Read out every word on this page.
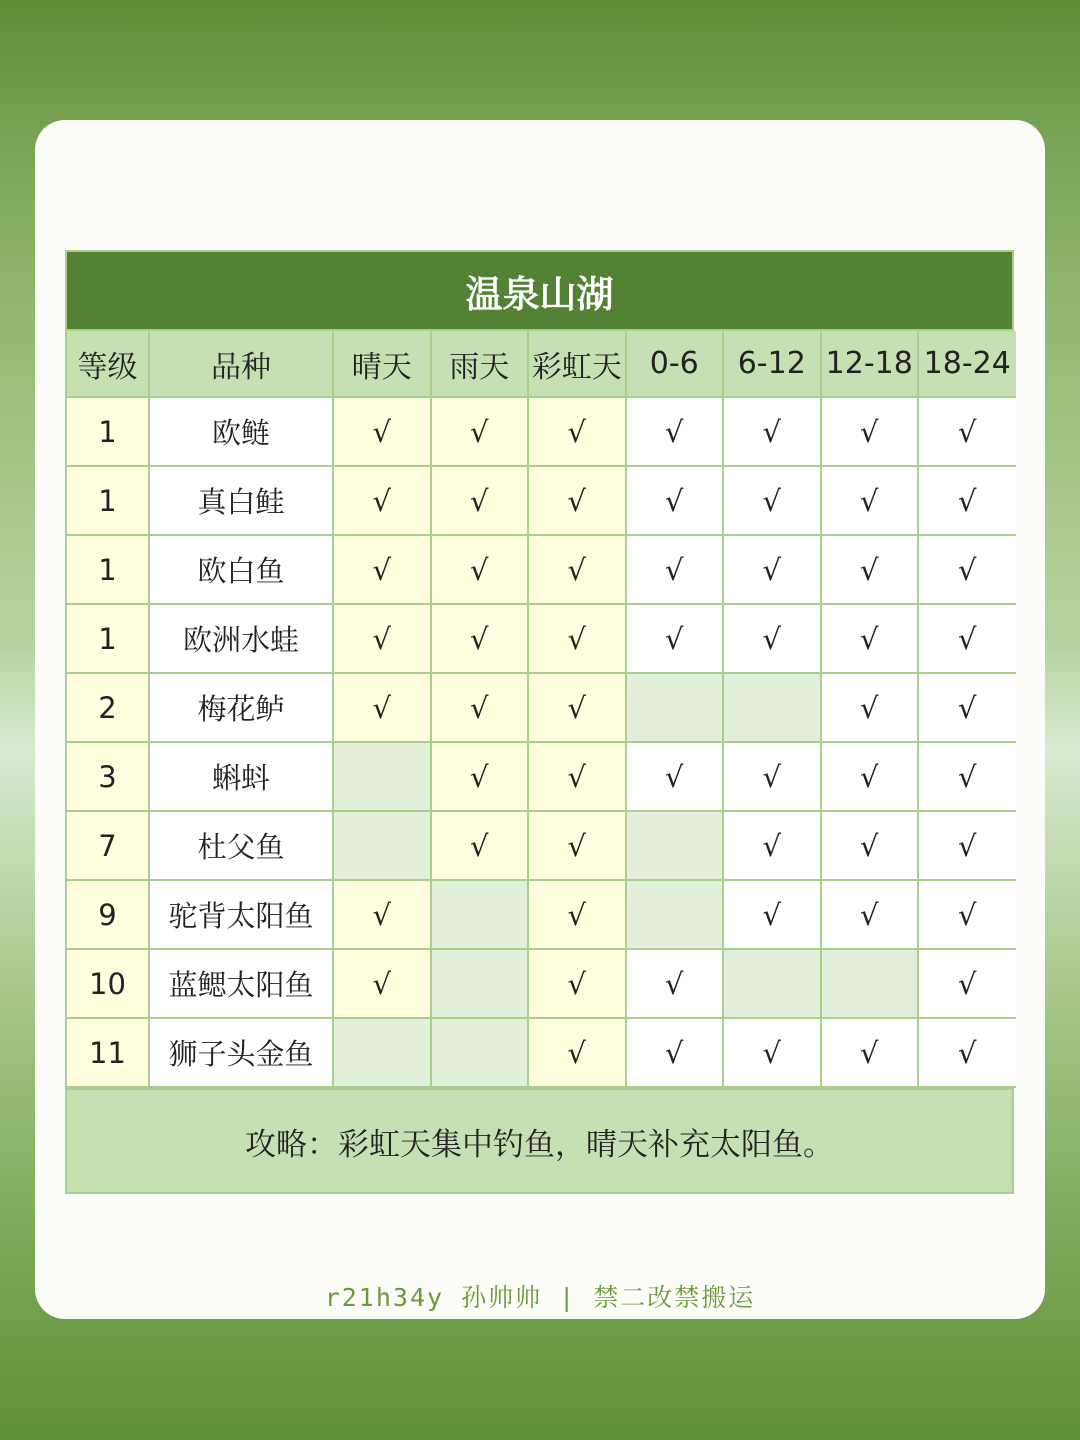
温泉山湖
等级	品种	晴天	雨天	彩虹天	0-6	6-12	12-18	18-24
1	欧鲢	√	√	√	√	√	√	√
1	真白鲑	√	√	√	√	√	√	√
1	欧白鱼	√	√	√	√	√	√	√
1	欧洲水蛙	√	√	√	√	√	√	√
2	梅花鲈	√	√	√			√	√
3	蝌蚪		√	√	√	√	√	√
7	杜父鱼		√	√		√	√	√
9	驼背太阳鱼	√		√		√	√	√
10	蓝鳃太阳鱼	√		√	√			√
11	狮子头金鱼			√	√	√	√	√
攻略：彩虹天集中钓鱼，晴天补充太阳鱼。
r21h34y 孙帅帅 | 禁二改禁搬运
